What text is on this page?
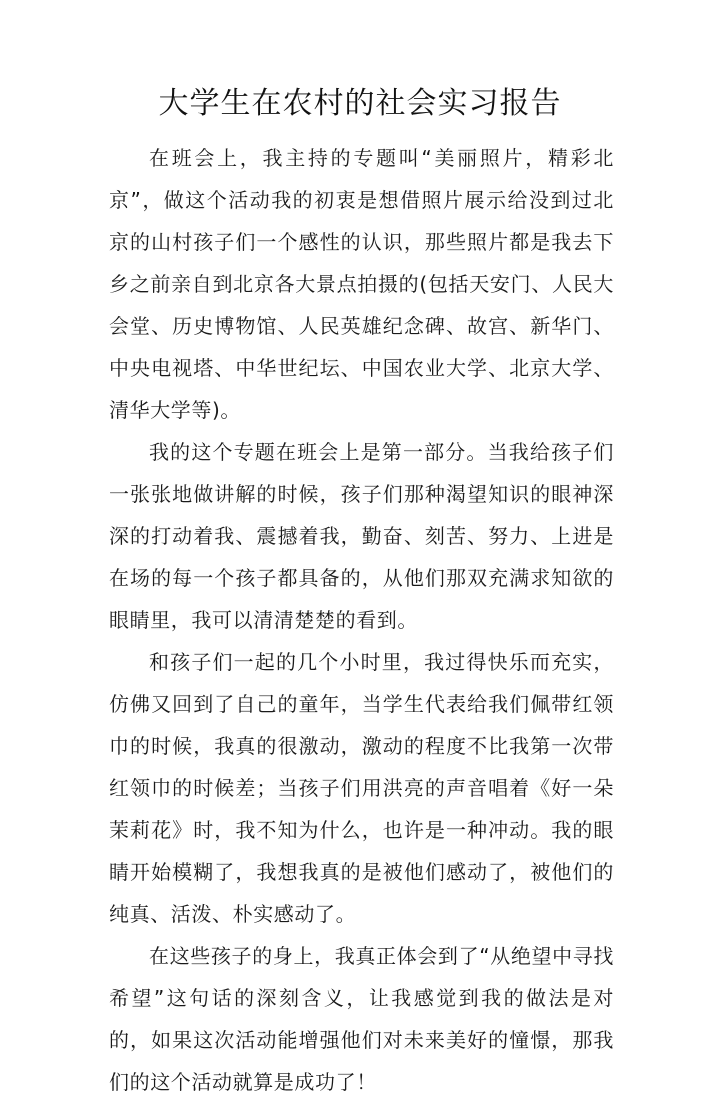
大学生在农村的社会实习报告

在班会上，我主持的专题叫“美丽照片，精彩北京”，做这个活动我的初衷是想借照片展示给没到过北京的山村孩子们一个感性的认识，那些照片都是我去下乡之前亲自到北京各大景点拍摄的(包括天安门、人民大会堂、历史博物馆、人民英雄纪念碑、故宫、新华门、中央电视塔、中华世纪坛、中国农业大学、北京大学、清华大学等)。

我的这个专题在班会上是第一部分。当我给孩子们一张张地做讲解的时候，孩子们那种渴望知识的眼神深深的打动着我、震撼着我，勤奋、刻苦、努力、上进是在场的每一个孩子都具备的，从他们那双充满求知欲的眼睛里，我可以清清楚楚的看到。

和孩子们一起的几个小时里，我过得快乐而充实，仿佛又回到了自己的童年，当学生代表给我们佩带红领巾的时候，我真的很激动，激动的程度不比我第一次带红领巾的时候差；当孩子们用洪亮的声音唱着《好一朵茉莉花》时，我不知为什么，也许是一种冲动。我的眼睛开始模糊了，我想我真的是被他们感动了，被他们的纯真、活泼、朴实感动了。

在这些孩子的身上，我真正体会到了“从绝望中寻找希望”这句话的深刻含义，让我感觉到我的做法是对的，如果这次活动能增强他们对未来美好的憧憬，那我们的这个活动就算是成功了！
